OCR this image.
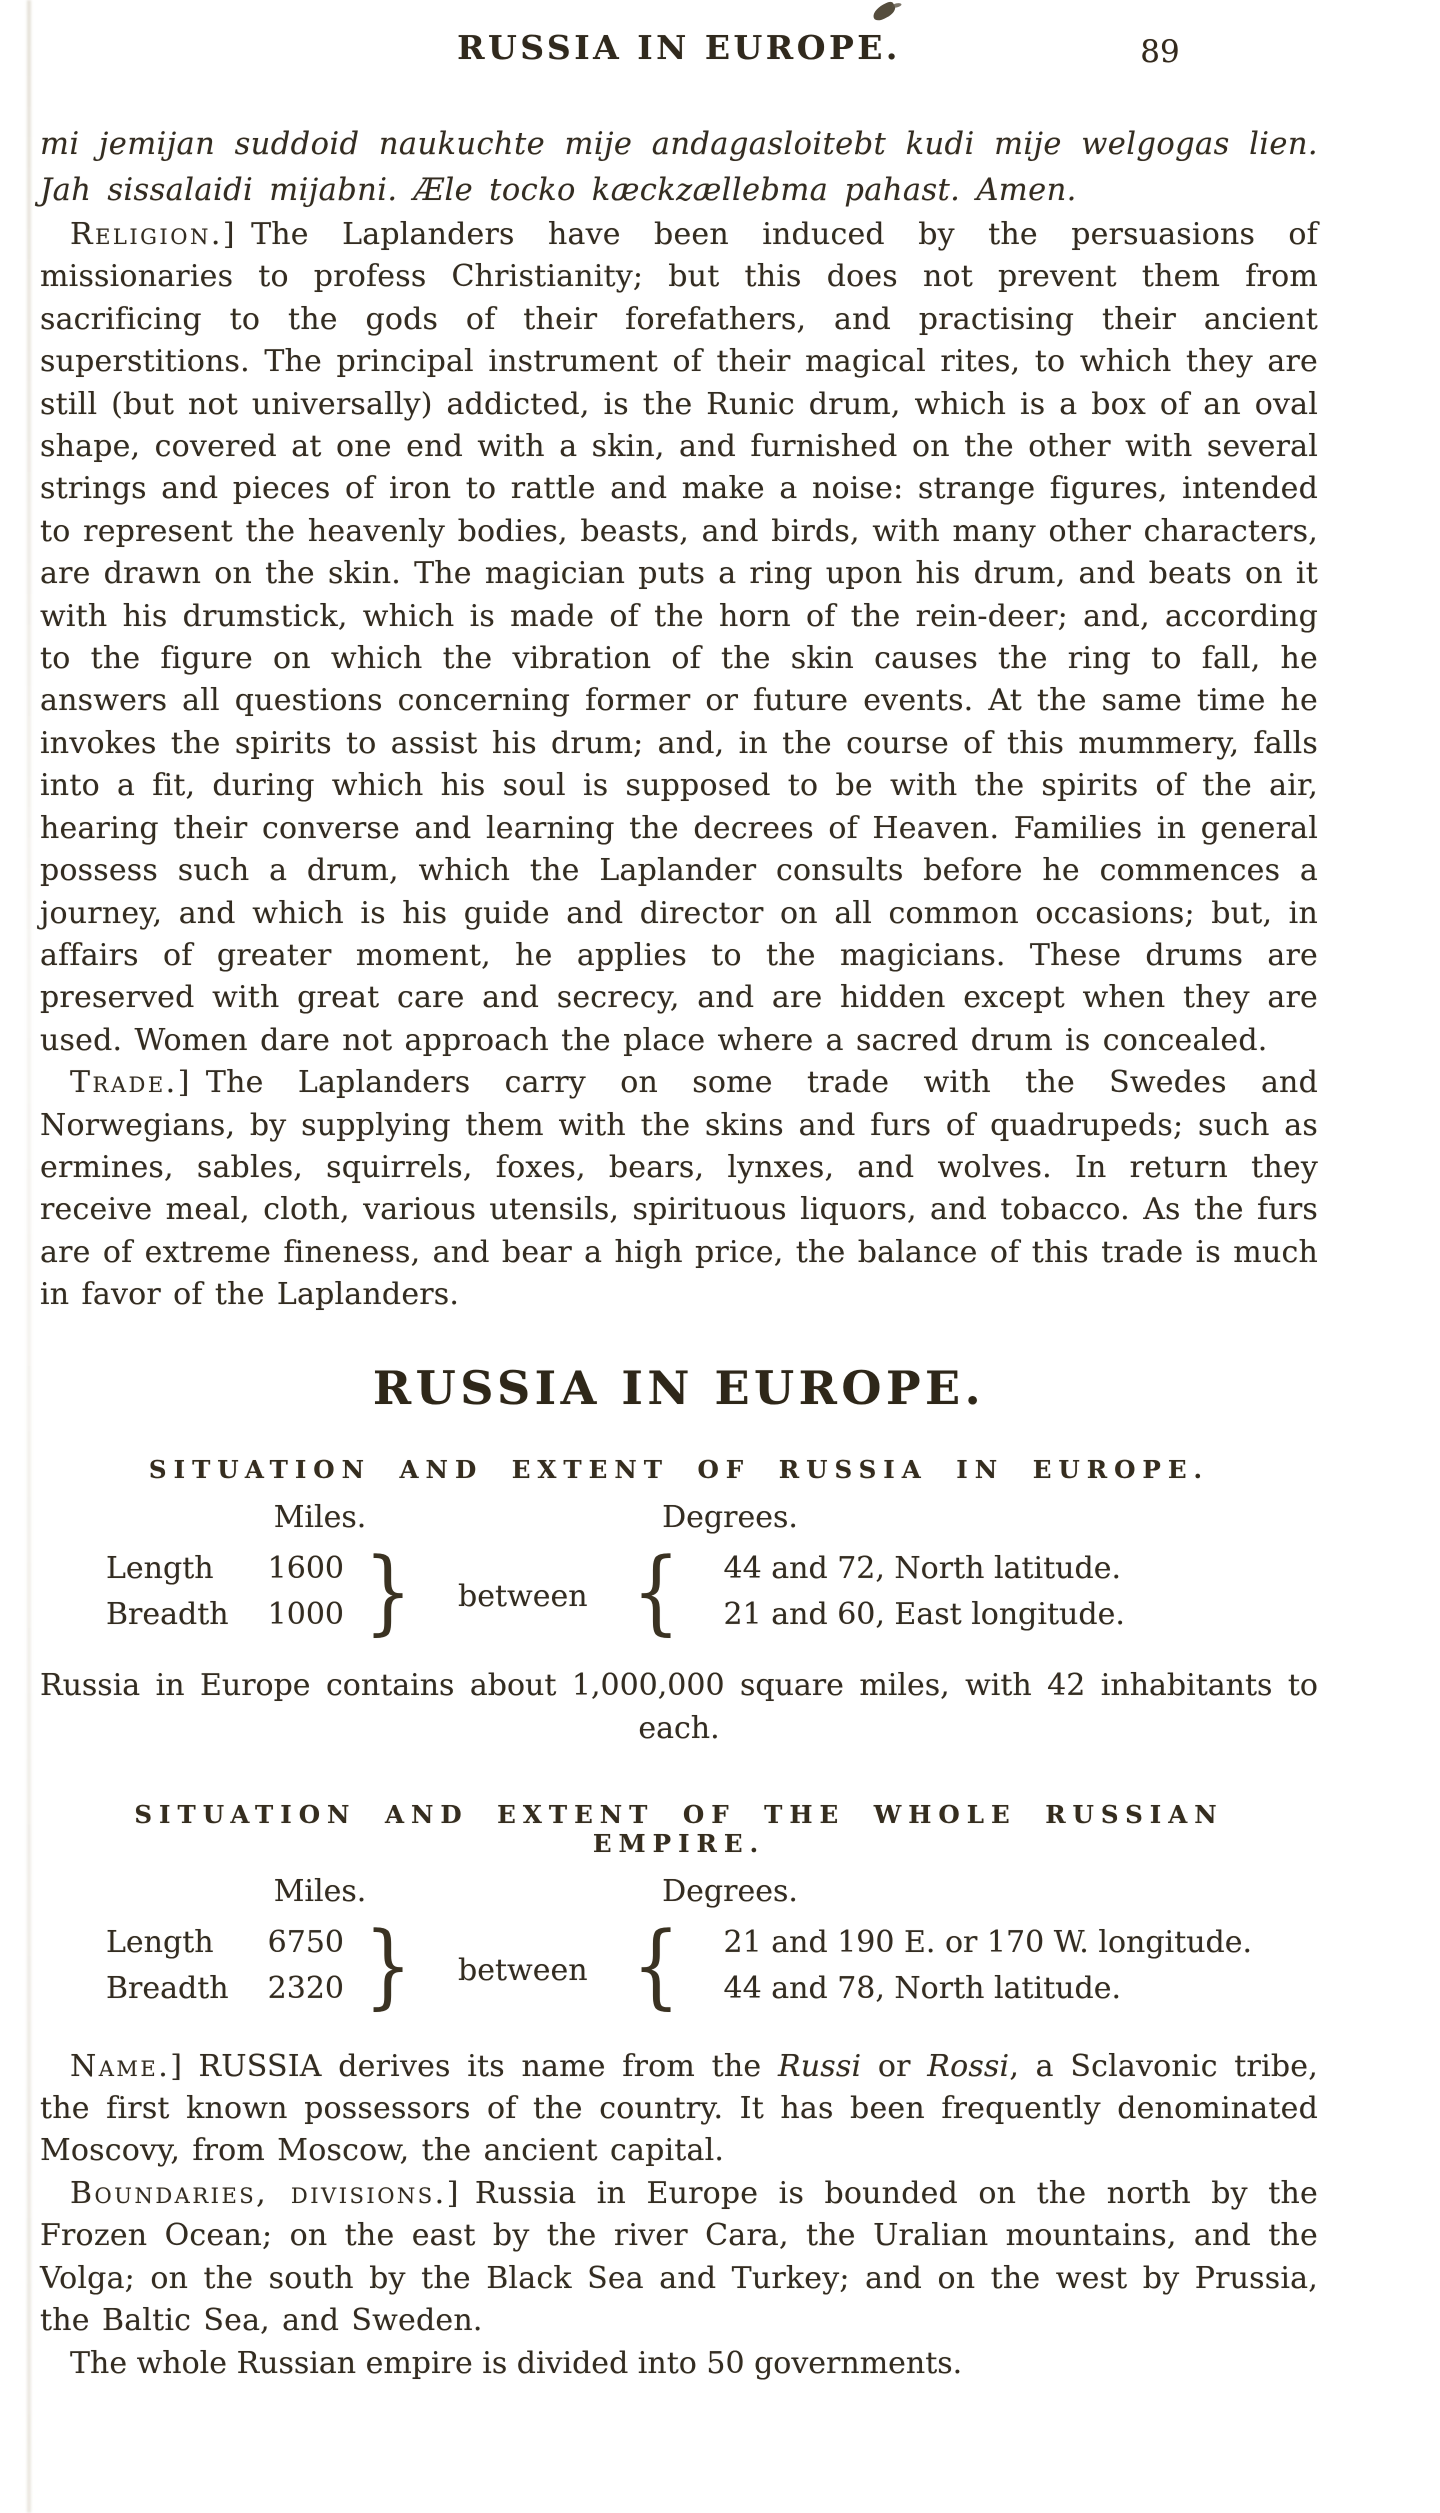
RUSSIA IN EUROPE.

mi jemijan suddoid naukuchte mije andagasloitebt kudi mije welgogas lien. Jah sissalaidi mijabni. Æle tocko kæckzællebma pahast. Amen.

Religion.] The Laplanders have been induced by the persuasions of missionaries to profess Christianity; but this does not prevent them from sacrificing to the gods of their forefathers, and practising their ancient superstitions. The principal instrument of their magical rites, to which they are still (but not universally) addicted, is the Runic drum, which is a box of an oval shape, covered at one end with a skin, and furnished on the other with several strings and pieces of iron to rattle and make a noise: strange figures, intended to represent the heavenly bodies, beasts, and birds, with many other characters, are drawn on the skin. The magician puts a ring upon his drum, and beats on it with his drumstick, which is made of the horn of the rein-deer; and, according to the figure on which the vibration of the skin causes the ring to fall, he answers all questions concerning former or future events. At the same time he invokes the spirits to assist his drum; and, in the course of this mummery, falls into a fit, during which his soul is supposed to be with the spirits of the air, hearing their converse and learning the decrees of Heaven. Families in general possess such a drum, which the Laplander consults before he commences a journey, and which is his guide and director on all common occasions; but, in affairs of greater moment, he applies to the magicians. These drums are preserved with great care and secrecy, and are hidden except when they are used. Women dare not approach the place where a sacred drum is concealed.

Trade.] The Laplanders carry on some trade with the Swedes and Norwegians, by supplying them with the skins and furs of quadrupeds; such as ermines, sables, squirrels, foxes, bears, lynxes, and wolves. In return they receive meal, cloth, various utensils, spirituous liquors, and tobacco. As the furs are of extreme fineness, and bear a high price, the balance of this trade is much in favor of the Laplanders.

RUSSIA IN EUROPE.
SITUATION AND EXTENT OF RUSSIA IN EUROPE.
Miles.	Degrees.
Length 1600
Breadth 1000 } between { 44 and 72, North latitude.
21 and 60, East longitude.

Russia in Europe contains about 1,000,000 square miles, with 42 inhabitants to each.

SITUATION AND EXTENT OF THE WHOLE RUSSIAN EMPIRE.
Miles.	Degrees.
Length 6750
Breadth 2320 } between { 21 and 190 E. or 170 W. longitude.
44 and 78, North latitude.

Name.] RUSSIA derives its name from the Russi or Rossi, a Sclavonic tribe, the first known possessors of the country. It has been frequently denominated Moscovy, from Moscow, the ancient capital.

Boundaries, divisions.] Russia in Europe is bounded on the north by the Frozen Ocean; on the east by the river Cara, the Uralian mountains, and the Volga; on the south by the Black Sea and Turkey; and on the west by Prussia, the Baltic Sea, and Sweden.

The whole Russian empire is divided into 50 governments.

89
